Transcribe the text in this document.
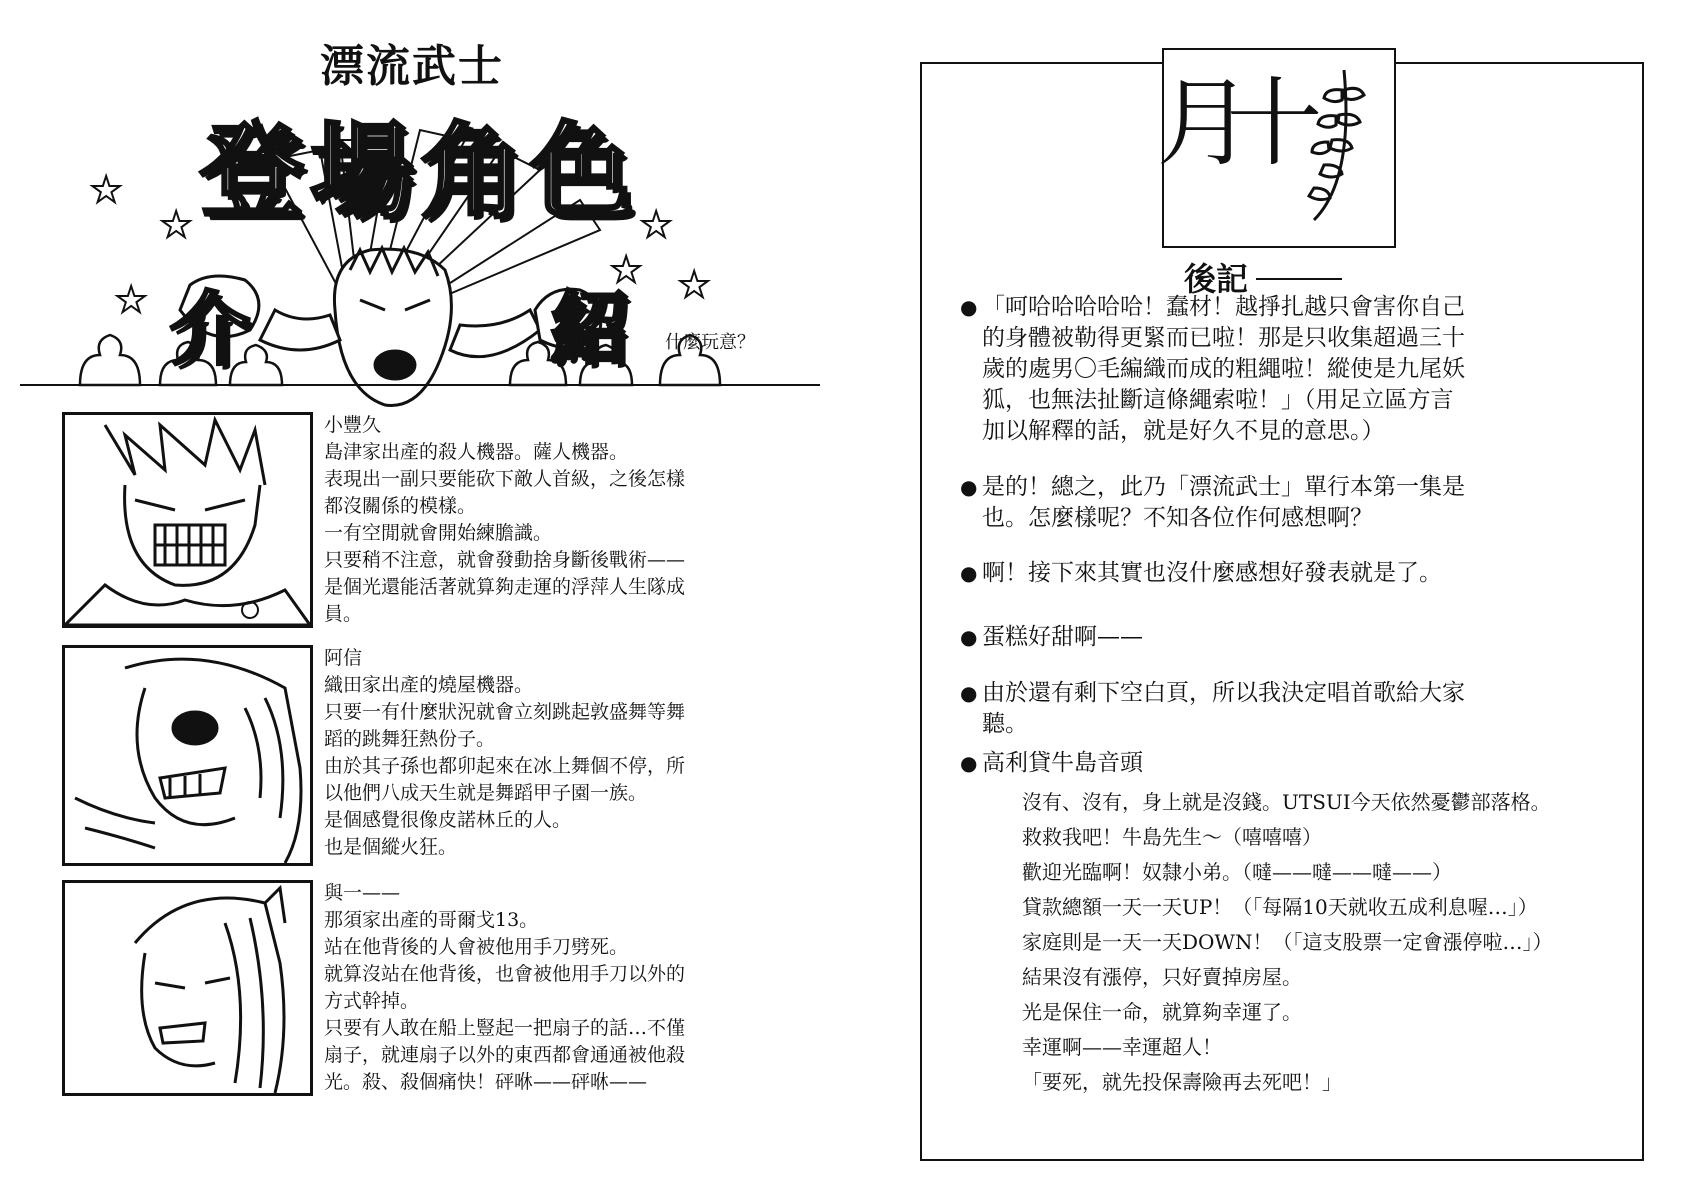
漂流武士
登場角色
介	紹 什麼玩意？
★
★
★
★
★ ★

小豐久

島津家出產的殺人機器。薩人機器。

表現出一副只要能砍下敵人首級，之後怎樣

都沒關係的模樣。

一有空閒就會開始練膽識。

只要稍不注意，就會發動捨身斷後戰術——

是個光還能活著就算夠走運的浮萍人生隊成

員。

阿信

織田家出產的燒屋機器。

只要一有什麼狀況就會立刻跳起敦盛舞等舞

蹈的跳舞狂熱份子。

由於其子孫也都卯起來在冰上舞個不停，所

以他們八成天生就是舞蹈甲子園一族。

是個感覺很像皮諾林丘的人。

也是個縱火狂。

與一——

那須家出產的哥爾戈13。

站在他背後的人會被他用手刀劈死。

就算沒站在他背後，也會被他用手刀以外的

方式幹掉。

只要有人敢在船上豎起一把扇子的話…不僅

扇子，就連扇子以外的東西都會通通被他殺

光。殺、殺個痛快！砰咻——砰咻——

十月
後記
● 「呵哈哈哈哈哈！蠢材！越掙扎越只會害你自己
的身體被勒得更緊而已啦！那是只收集超過三十
歲的處男〇毛編織而成的粗繩啦！縱使是九尾妖
狐，也無法扯斷這條繩索啦！」（用足立區方言
加以解釋的話，就是好久不見的意思。）
● 是的！總之，此乃「漂流武士」單行本第一集是
也。怎麼樣呢？不知各位作何感想啊？
● 啊！接下來其實也沒什麼感想好發表就是了。
● 蛋糕好甜啊——
● 由於還有剩下空白頁，所以我決定唱首歌給大家
聽。
● 高利貸牛島音頭
沒有、沒有，身上就是沒錢。UTSUI今天依然憂鬱部落格。
救救我吧！牛島先生～（嘻嘻嘻）
歡迎光臨啊！奴隸小弟。（噠——噠——噠——）
貸款總額一天一天UP！（「每隔10天就收五成利息喔…」）
家庭則是一天一天DOWN！（「這支股票一定會漲停啦…」）
結果沒有漲停，只好賣掉房屋。
光是保住一命，就算夠幸運了。
幸運啊——幸運超人！
「要死，就先投保壽險再去死吧！」
